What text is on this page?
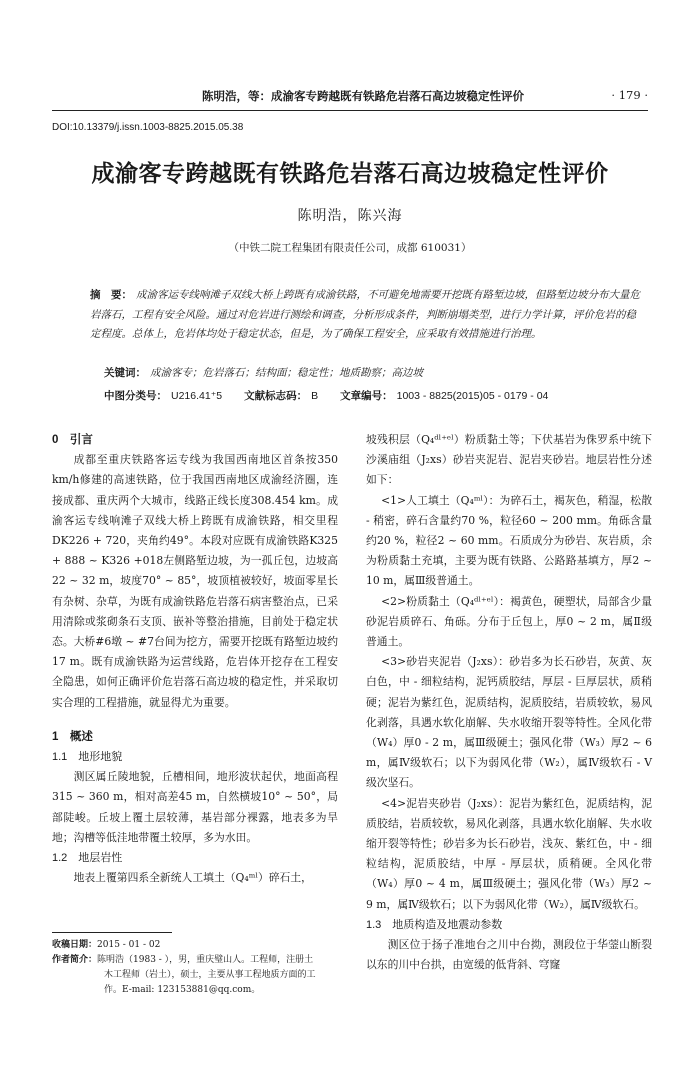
陈明浩，等：成渝客专跨越既有铁路危岩落石高边坡稳定性评价	· 179 ·
DOI:10.13379/j.issn.1003-8825.2015.05.38
成渝客专跨越既有铁路危岩落石高边坡稳定性评价
陈明浩，陈兴海
（中铁二院工程集团有限责任公司，成都 610031）
摘　要： 成渝客运专线响滩子双线大桥上跨既有成渝铁路，不可避免地需要开挖既有路堑边坡，但路堑边坡分布大量危岩落石，工程有安全风险。通过对危岩进行测绘和调查，分析形成条件，判断崩塌类型，进行力学计算，评价危岩的稳定程度。总体上，危岩体均处于稳定状态，但是，为了确保工程安全，应采取有效措施进行治理。
关键词： 成渝客专；危岩落石；结构面；稳定性；地质勘察；高边坡
中图分类号： U216.41⁺5 文献标志码： B 文章编号： 1003 - 8825(2015)05 - 0179 - 04
0　引言

成都至重庆铁路客运专线为我国西南地区首条按350 km/h修建的高速铁路，位于我国西南地区成渝经济圈，连接成都、重庆两个大城市，线路正线长度308.454 km。成渝客运专线响滩子双线大桥上跨既有成渝铁路，相交里程DK226 + 720，夹角约49°。本段对应既有成渝铁路K325 + 888 ~ K326 +018左侧路堑边坡，为一孤丘包，边坡高22 ~ 32 m，坡度70° ~ 85°，坡顶植被较好，坡面零星长有杂树、杂草，为既有成渝铁路危岩落石病害整治点，已采用清除或浆砌条石支顶、嵌补等整治措施，目前处于稳定状态。大桥#6墩 ~ #7台间为挖方，需要开挖既有路堑边坡约17 m。既有成渝铁路为运营线路，危岩体开挖存在工程安全隐患，如何正确评价危岩落石高边坡的稳定性，并采取切实合理的工程措施，就显得尤为重要。

1　概述
1.1　地形地貌

测区属丘陵地貌，丘槽相间，地形波状起伏，地面高程315 ~ 360 m，相对高差45 m，自然横坡10° ~ 50°，局部陡峻。丘坡上覆土层较薄，基岩部分裸露，地表多为旱地；沟槽等低洼地带覆土较厚，多为水田。

1.2　地层岩性

地表上覆第四系全新统人工填土（Q₄ᵐˡ）碎石土，

坡残积层（Q₄ᵈˡ⁺ᵉˡ）粉质黏土等；下伏基岩为侏罗系中统下沙溪庙组（J₂xs）砂岩夹泥岩、泥岩夹砂岩。地层岩性分述如下：

<1>人工填土（Q₄ᵐˡ）：为碎石土，褐灰色，稍湿，松散 - 稍密，碎石含量约70 %，粒径60 ~ 200 mm。角砾含量约20 %，粒径2 ~ 60 mm。石质成分为砂岩、灰岩质，余为粉质黏土充填，主要为既有铁路、公路路基填方，厚2 ~ 10 m，属Ⅲ级普通土。

<2>粉质黏土（Q₄ᵈˡ⁺ᵉˡ）：褐黄色，硬塑状，局部含少量砂泥岩质碎石、角砾。分布于丘包上，厚0 ~ 2 m，属Ⅱ级普通土。

<3>砂岩夹泥岩（J₂xs）：砂岩多为长石砂岩，灰黄、灰白色，中 - 细粒结构，泥钙质胶结，厚层 - 巨厚层状，质稍硬；泥岩为紫红色，泥质结构，泥质胶结，岩质较软，易风化剥落，具遇水软化崩解、失水收缩开裂等特性。全风化带（W₄）厚0 - 2 m，属Ⅲ级硬土；强风化带（W₃）厚2 ~ 6 m，属Ⅳ级软石；以下为弱风化带（W₂），属Ⅳ级软石 - Ⅴ级次坚石。

<4>泥岩夹砂岩（J₂xs）：泥岩为紫红色，泥质结构，泥质胶结，岩质较软，易风化剥落，具遇水软化崩解、失水收缩开裂等特性；砂岩多为长石砂岩，浅灰、紫红色，中 - 细粒结构，泥质胶结，中厚 - 厚层状，质稍硬。全风化带（W₄）厚0 ~ 4 m，属Ⅲ级硬土；强风化带（W₃）厚2 ~ 9 m，属Ⅳ级软石；以下为弱风化带（W₂），属Ⅳ级软石。

1.3　地质构造及地震动参数

测区位于扬子准地台之川中台拗，测段位于华蓥山断裂以东的川中台拱，由宽缓的低背斜、穹窿

收稿日期：2015 - 01 - 02
作者简介：陈明浩（1983 - ），男，重庆璧山人。工程师，注册土
木工程师（岩土），硕士，主要从事工程地质方面的工
作。E-mail: 123153881@qq.com。
